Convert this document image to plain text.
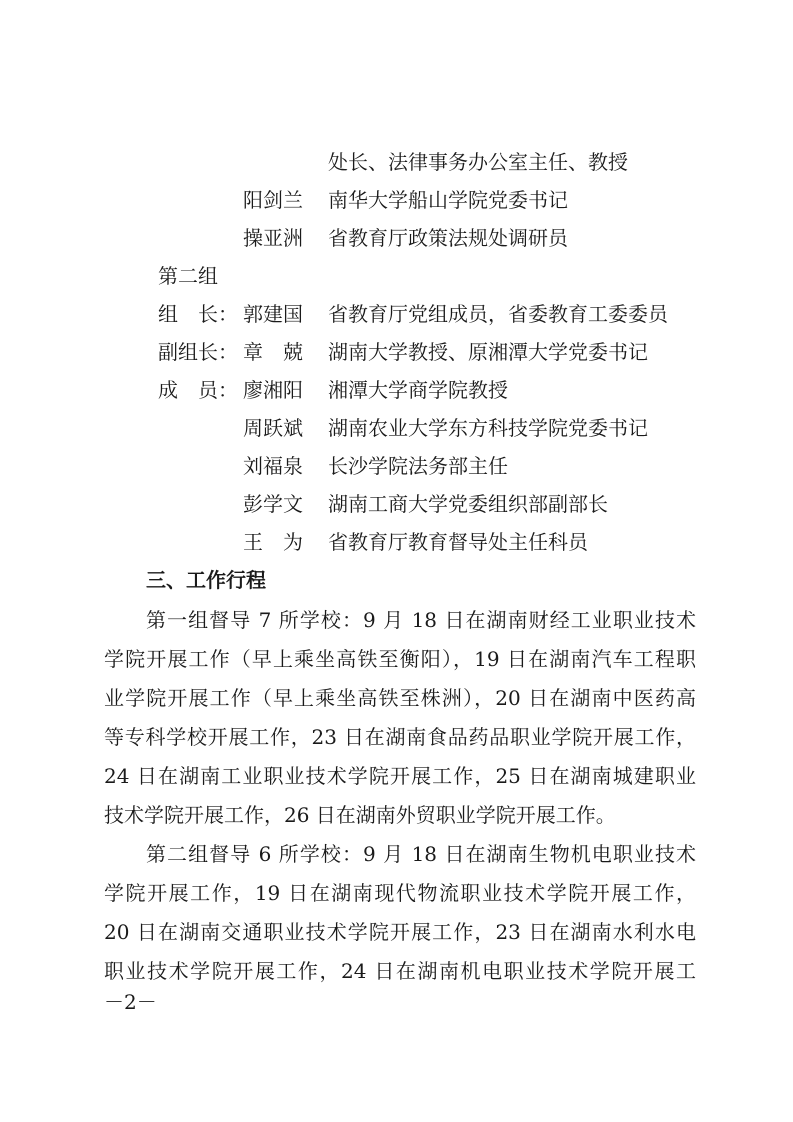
处长、法律事务办公室主任、教授
阳剑兰 南华大学船山学院党委书记
操亚洲 省教育厅政策法规处调研员
第二组
组　长： 郭建国 省教育厅党组成员，省委教育工委委员
副组长： 章　兢 湖南大学教授、原湘潭大学党委书记
成　员： 廖湘阳 湘潭大学商学院教授
周跃斌 湖南农业大学东方科技学院党委书记
刘福泉 长沙学院法务部主任
彭学文 湖南工商大学党委组织部副部长
王　为 省教育厅教育督导处主任科员
三、工作行程
第一组督导 7 所学校：9 月 18 日在湖南财经工业职业技术
学院开展工作（早上乘坐高铁至衡阳），19 日在湖南汽车工程职
业学院开展工作（早上乘坐高铁至株洲），20 日在湖南中医药高
等专科学校开展工作，23 日在湖南食品药品职业学院开展工作，
24 日在湖南工业职业技术学院开展工作，25 日在湖南城建职业
技术学院开展工作，26 日在湖南外贸职业学院开展工作。
第二组督导 6 所学校：9 月 18 日在湖南生物机电职业技术
学院开展工作，19 日在湖南现代物流职业技术学院开展工作，
20 日在湖南交通职业技术学院开展工作，23 日在湖南水利水电
职业技术学院开展工作，24 日在湖南机电职业技术学院开展工
－2－
